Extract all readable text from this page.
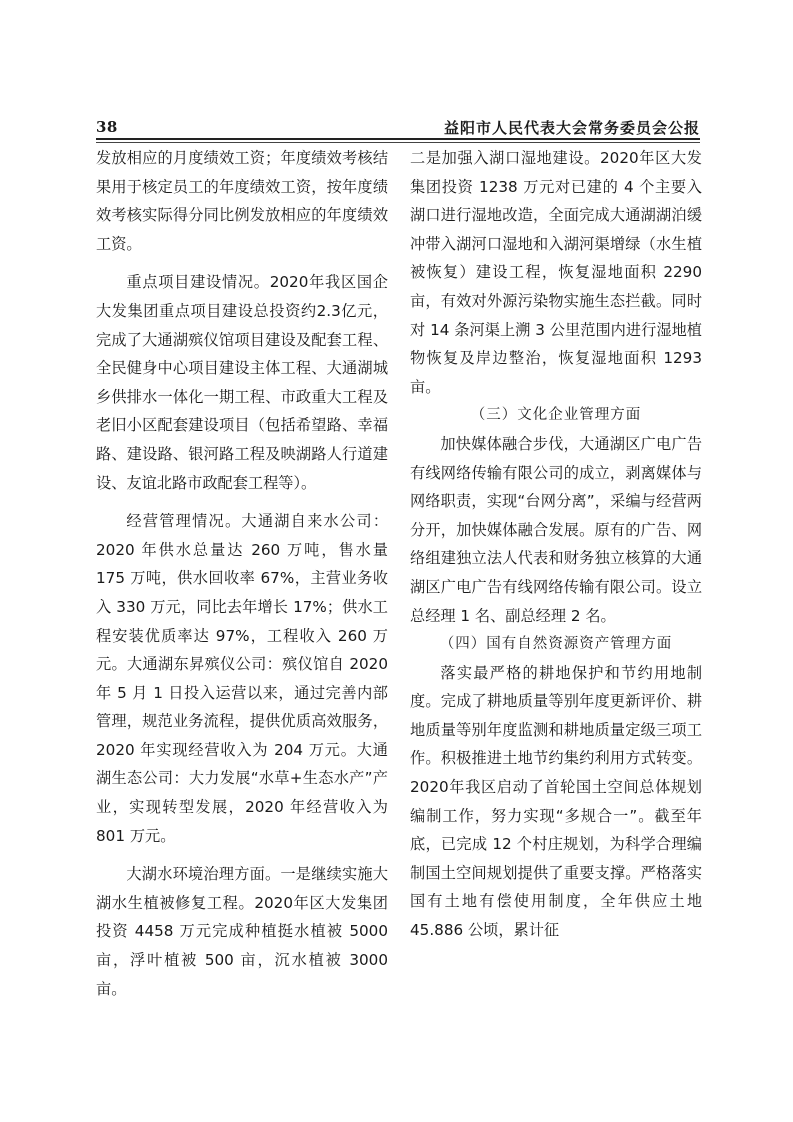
38	益阳市人民代表大会常务委员会公报

发放相应的月度绩效工资；年度绩效考核结果用于核定员工的年度绩效工资，按年度绩效考核实际得分同比例发放相应的年度绩效工资。

重点项目建设情况。2020年我区国企大发集团重点项目建设总投资约2.3亿元，完成了大通湖殡仪馆项目建设及配套工程、全民健身中心项目建设主体工程、大通湖城乡供排水一体化一期工程、市政重大工程及老旧小区配套建设项目（包括希望路、幸福路、建设路、银河路工程及映湖路人行道建设、友谊北路市政配套工程等）。

经营管理情况。大通湖自来水公司：2020 年供水总量达 260 万吨，售水量 175 万吨，供水回收率 67%，主营业务收入 330 万元，同比去年增长 17%；供水工程安装优质率达 97%，工程收入 260 万元。大通湖东昇殡仪公司：殡仪馆自 2020 年 5 月 1 日投入运营以来，通过完善内部管理，规范业务流程，提供优质高效服务，2020 年实现经营收入为 204 万元。大通湖生态公司：大力发展“水草+生态水产”产业，实现转型发展，2020 年经营收入为 801 万元。

大湖水环境治理方面。一是继续实施大湖水生植被修复工程。2020年区大发集团投资 4458 万元完成种植挺水植被 5000 亩，浮叶植被 500 亩，沉水植被 3000 亩。

二是加强入湖口湿地建设。2020年区大发集团投资 1238 万元对已建的 4 个主要入湖口进行湿地改造，全面完成大通湖湖泊缓冲带入湖河口湿地和入湖河渠增绿（水生植被恢复）建设工程，恢复湿地面积 2290 亩，有效对外源污染物实施生态拦截。同时对 14 条河渠上溯 3 公里范围内进行湿地植物恢复及岸边整治，恢复湿地面积 1293 亩。

（三）文化企业管理方面

加快媒体融合步伐，大通湖区广电广告有线网络传输有限公司的成立，剥离媒体与网络职责，实现“台网分离”，采编与经营两分开，加快媒体融合发展。原有的广告、网络组建独立法人代表和财务独立核算的大通湖区广电广告有线网络传输有限公司。设立总经理 1 名、副总经理 2 名。

（四）国有自然资源资产管理方面

落实最严格的耕地保护和节约用地制度。完成了耕地质量等别年度更新评价、耕地质量等别年度监测和耕地质量定级三项工作。积极推进土地节约集约利用方式转变。2020年我区启动了首轮国土空间总体规划编制工作，努力实现“多规合一”。截至年底，已完成 12 个村庄规划，为科学合理编制国土空间规划提供了重要支撑。严格落实国有土地有偿使用制度，全年供应土地 45.886 公顷，累计征
